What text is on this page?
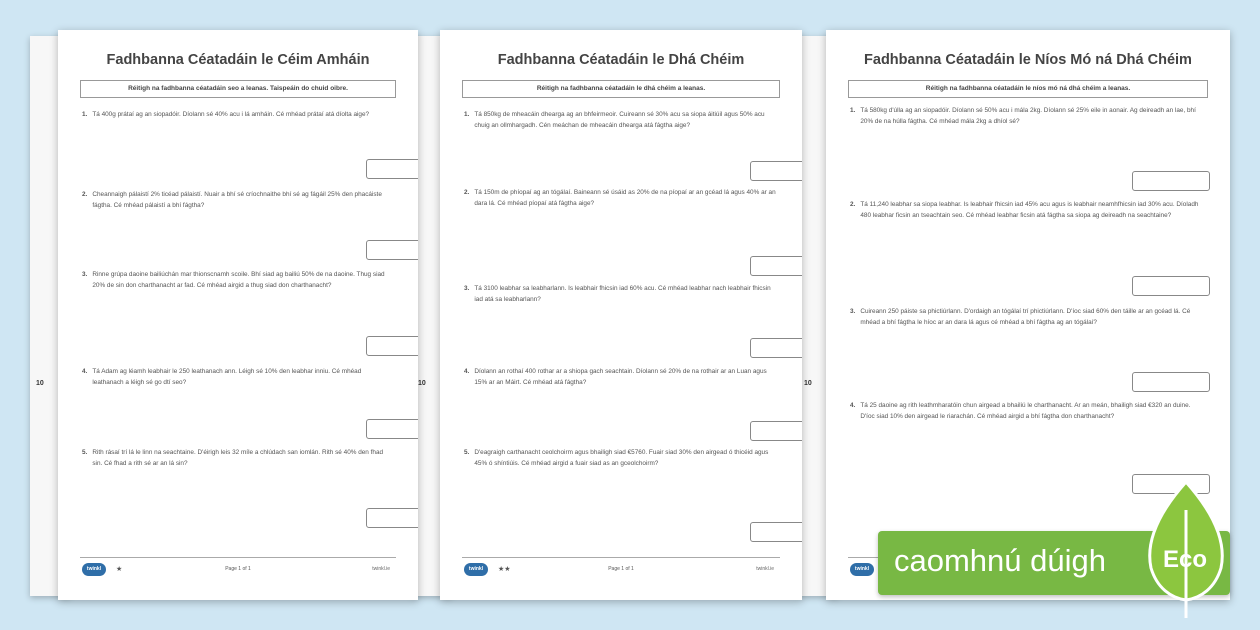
10	10	10
Fadhbanna Céatadáin le Céim Amháin
Réitigh na fadhbanna céatadáin seo a leanas. Taispeáin do chuid oibre.
1. Tá 400g prátaí ag an siopadóir. Díolann sé 40% acu i lá amháin. Cé mhéad prátaí atá díolta aige?
2. Cheannaigh pálaistí 2% ticéad pálaistí. Nuair a bhí sé críochnaithe bhí sé ag fágáil 25% den phacáiste fágtha. Cé mhéad pálaistí a bhí fágtha?
3. Rinne grúpa daoine bailiúchán mar thionscnamh scoile. Bhí siad ag bailiú 50% de na daoine. Thug siad 20% de sin don charthanacht ar fad. Cé mhéad airgid a thug siad don charthanacht?
4. Tá Adam ag léamh leabhair le 250 leathanach ann. Léigh sé 10% den leabhar inniu. Cé mhéad leathanach a léigh sé go dtí seo?
5. Rith rásaí trí lá le linn na seachtaine. D'éirigh leis 32 míle a chlúdach san iomlán. Rith sé 40% den fhad sin. Cé fhad a rith sé ar an lá sin?
twinkl	★	Page 1 of 1	twinkl.ie
Fadhbanna Céatadáin le Dhá Chéim
Réitigh na fadhbanna céatadáin le dhá chéim a leanas.
1. Tá 850kg de mheacáin dhearga ag an bhfeirmeoir. Cuireann sé 30% acu sa siopa áitiúil agus 50% acu chuig an ollmhargadh. Cén meáchan de mheacáin dhearga atá fágtha aige?
2. Tá 150m de phíopaí ag an tógálaí. Baineann sé úsáid as 20% de na píopaí ar an gcéad lá agus 40% ar an dara lá. Cé mhéad píopaí atá fágtha aige?
3. Tá 3100 leabhar sa leabharlann. Is leabhair fhicsin iad 60% acu. Cé mhéad leabhar nach leabhair fhicsin iad atá sa leabharlann?
4. Díolann an rothaí 400 rothar ar a shiopa gach seachtain. Díolann sé 20% de na rothair ar an Luan agus 15% ar an Máirt. Cé mhéad atá fágtha?
5. D'eagraigh carthanacht ceolchoirm agus bhailigh siad €5760. Fuair siad 30% den airgead ó thicéid agus 45% ó shíntiúis. Cé mhéad airgid a fuair siad as an gceolchoirm?
twinkl	★★	Page 1 of 1	twinkl.ie
Fadhbanna Céatadáin le Níos Mó ná Dhá Chéim
Réitigh na fadhbanna céatadáin le níos mó ná dhá chéim a leanas.
1. Tá 580kg d'úlla ag an siopadóir. Díolann sé 50% acu i mála 2kg. Díolann sé 25% eile in aonair. Ag deireadh an lae, bhí 20% de na húlla fágtha. Cé mhéad mála 2kg a dhíol sé?
2. Tá 11,240 leabhar sa siopa leabhar. Is leabhair fhicsin iad 45% acu agus is leabhair neamhfhicsin iad 30% acu. Díoladh 480 leabhar ficsin an tseachtain seo. Cé mhéad leabhar ficsin atá fágtha sa siopa ag deireadh na seachtaine?
3. Cuireann 250 páiste sa phictiúrlann. D'ordaigh an tógálaí trí phictiúrlann. D'íoc siad 60% den táille ar an gcéad lá. Cé mhéad a bhí fágtha le híoc ar an dara lá agus cé mhéad a bhí fágtha ag an tógálaí?
4. Tá 25 daoine ag rith leathmharatóin chun airgead a bhailiú le charthanacht. Ar an meán, bhailigh siad €320 an duine. D'íoc siad 10% den airgead le riarachán. Cé mhéad airgid a bhí fágtha don charthanacht?
twinkl caomhnú dúigh Eco
